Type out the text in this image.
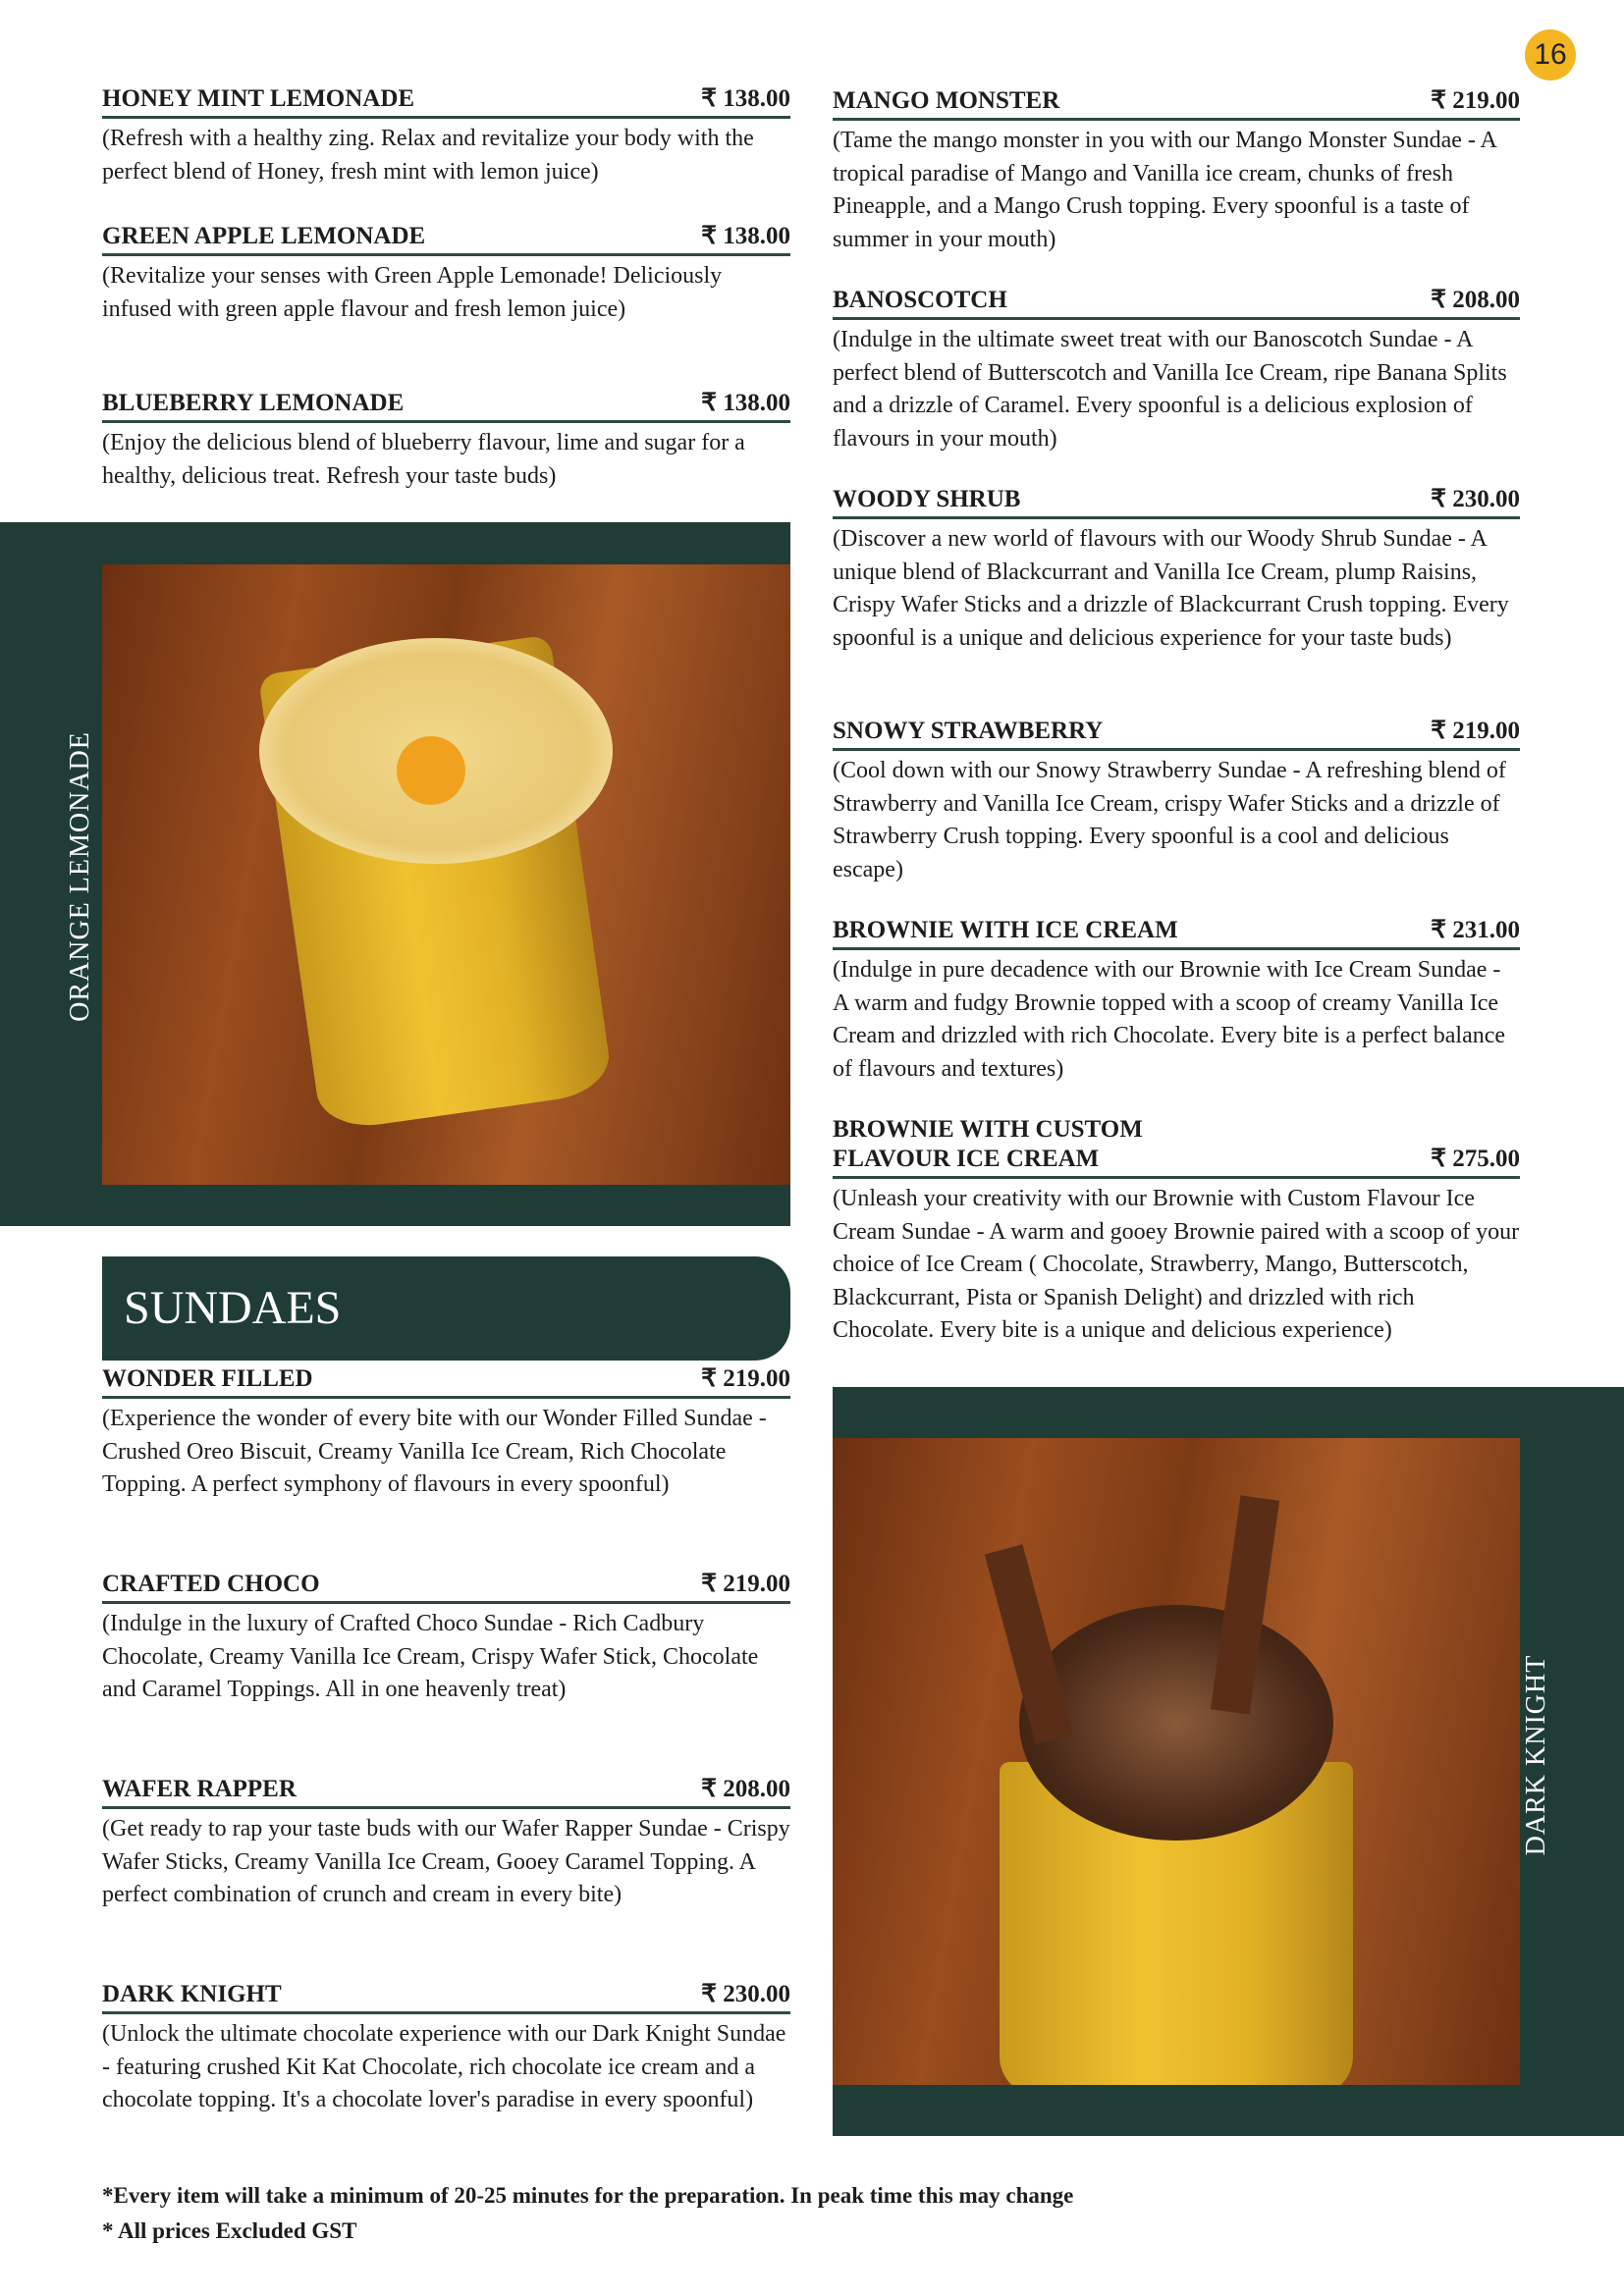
16
HONEY MINT LEMONADE	₹ 138.00
(Refresh with a healthy zing. Relax and revitalize your body with the perfect blend of Honey, fresh mint with lemon juice)
GREEN APPLE LEMONADE	₹ 138.00
(Revitalize your senses with Green Apple Lemonade! Deliciously infused with green apple flavour and fresh lemon juice)
BLUEBERRY LEMONADE	₹ 138.00
(Enjoy the delicious blend of blueberry flavour, lime and sugar for a healthy, delicious treat. Refresh your taste buds)
ORANGE LEMONADE
SUNDAES
WONDER FILLED	₹ 219.00
(Experience the wonder of every bite with our Wonder Filled Sundae - Crushed Oreo Biscuit, Creamy Vanilla Ice Cream, Rich Chocolate Topping. A perfect symphony of flavours in every spoonful)
CRAFTED CHOCO	₹ 219.00
(Indulge in the luxury of Crafted Choco Sundae - Rich Cadbury Chocolate, Creamy Vanilla Ice Cream, Crispy Wafer Stick, Chocolate and Caramel Toppings. All in one heavenly treat)
WAFER RAPPER	₹ 208.00
(Get ready to rap your taste buds with our Wafer Rapper Sundae - Crispy Wafer Sticks, Creamy Vanilla Ice Cream, Gooey Caramel Topping. A perfect combination of crunch and cream in every bite)
DARK KNIGHT	₹ 230.00
(Unlock the ultimate chocolate experience with our Dark Knight Sundae - featuring crushed Kit Kat Chocolate, rich chocolate ice cream and a chocolate topping. It's a chocolate lover's paradise in every spoonful)
MANGO MONSTER	₹ 219.00
(Tame the mango monster in you with our Mango Monster Sundae - A tropical paradise of Mango and Vanilla ice cream, chunks of fresh Pineapple, and a Mango Crush topping. Every spoonful is a taste of summer in your mouth)
BANOSCOTCH	₹ 208.00
(Indulge in the ultimate sweet treat with our Banoscotch Sundae - A perfect blend of Butterscotch and Vanilla Ice Cream, ripe Banana Splits and a drizzle of Caramel. Every spoonful is a delicious explosion of flavours in your mouth)
WOODY SHRUB	₹ 230.00
(Discover a new world of flavours with our Woody Shrub Sundae - A unique blend of Blackcurrant and Vanilla Ice Cream, plump Raisins, Crispy Wafer Sticks and a drizzle of Blackcurrant Crush topping. Every spoonful is a unique and delicious experience for your taste buds)
SNOWY STRAWBERRY	₹ 219.00
(Cool down with our Snowy Strawberry Sundae - A refreshing blend of Strawberry and Vanilla Ice Cream, crispy Wafer Sticks and a drizzle of Strawberry Crush topping. Every spoonful is a cool and delicious escape)
BROWNIE WITH ICE CREAM	₹ 231.00
(Indulge in pure decadence with our Brownie with Ice Cream Sundae - A warm and fudgy Brownie topped with a scoop of creamy Vanilla Ice Cream and drizzled with rich Chocolate. Every bite is a perfect balance of flavours and textures)
BROWNIE WITH CUSTOM
FLAVOUR ICE CREAM	₹ 275.00
(Unleash your creativity with our Brownie with Custom Flavour Ice Cream Sundae - A warm and gooey Brownie paired with a scoop of your choice of Ice Cream ( Chocolate, Strawberry, Mango, Butterscotch, Blackcurrant, Pista or Spanish Delight) and drizzled with rich Chocolate. Every bite is a unique and delicious experience)
DARK KNIGHT
*Every item will take a minimum of 20-25 minutes for the preparation. In peak time this may change
* All prices Excluded GST
